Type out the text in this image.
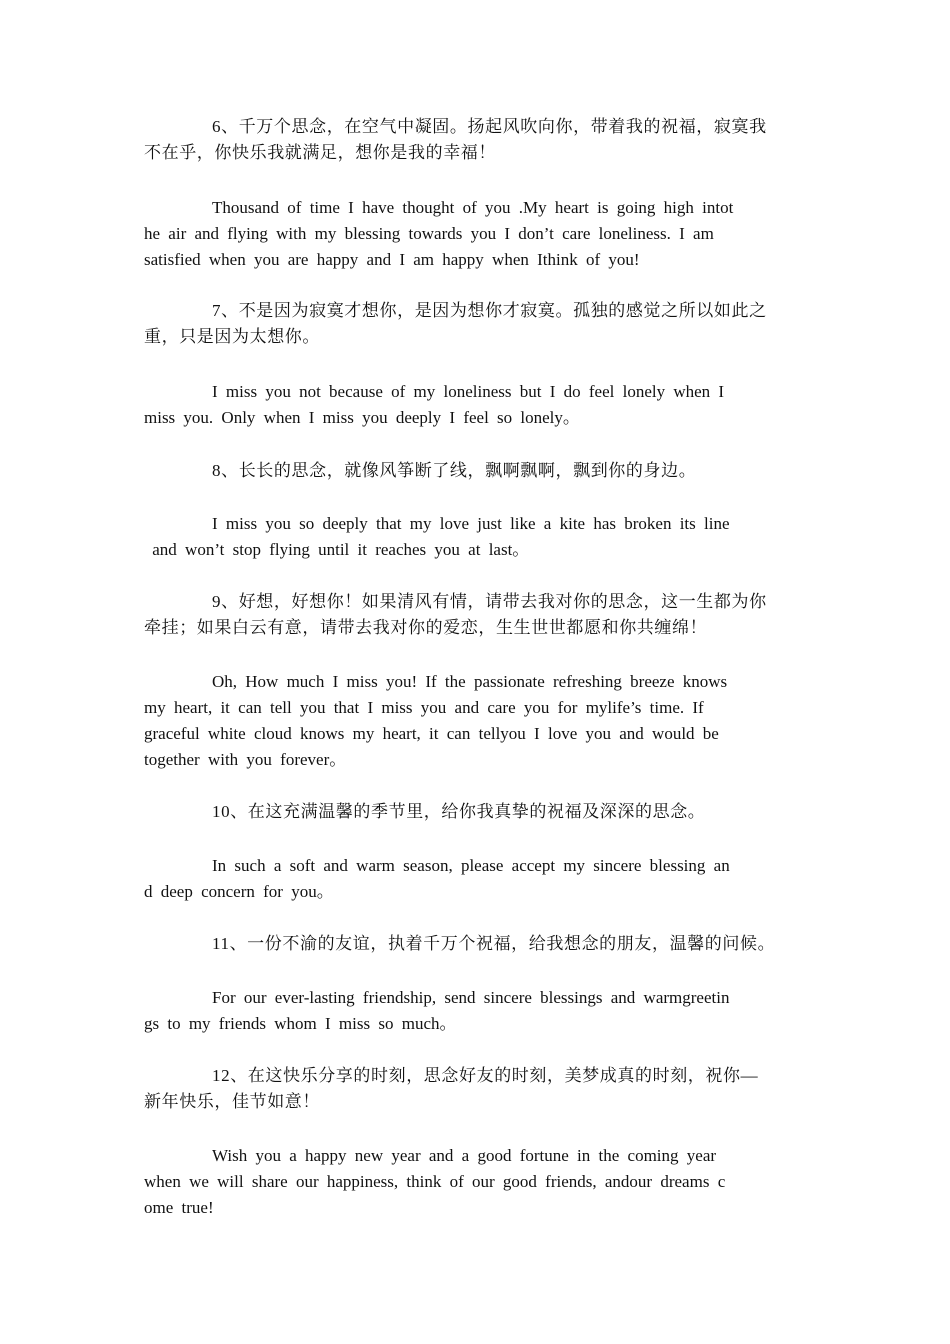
6、千万个思念，在空气中凝固。扬起风吹向你，带着我的祝福，寂寞我
不在乎，你快乐我就满足，想你是我的幸福！
Thousand of time I have thought of you .My heart is going high intot
he air and flying with my blessing towards you I don’t care loneliness. I am
satisfied when you are happy and I am happy when Ithink of you!
7、不是因为寂寞才想你，是因为想你才寂寞。孤独的感觉之所以如此之
重，只是因为太想你。
I miss you not because of my loneliness but I do feel lonely when I
miss you. Only when I miss you deeply I feel so lonely。
8、长长的思念，就像风筝断了线，飘啊飘啊，飘到你的身边。
I miss you so deeply that my love just like a kite has broken its line
and won’t stop flying until it reaches you at last。
9、好想，好想你！如果清风有情，请带去我对你的思念，这一生都为你
牵挂；如果白云有意，请带去我对你的爱恋，生生世世都愿和你共缠绵！
Oh, How much I miss you! If the passionate refreshing breeze knows
my heart, it can tell you that I miss you and care you for mylife’s time. If
graceful white cloud knows my heart, it can tellyou I love you and would be
together with you forever。
10、在这充满温馨的季节里，给你我真挚的祝福及深深的思念。
In such a soft and warm season, please accept my sincere blessing an
d deep concern for you。
11、一份不渝的友谊，执着千万个祝福，给我想念的朋友，温馨的问候。
For our ever-lasting friendship, send sincere blessings and warmgreetin
gs to my friends whom I miss so much。
12、在这快乐分享的时刻，思念好友的时刻，美梦成真的时刻，祝你—
新年快乐，佳节如意！
Wish you a happy new year and a good fortune in the coming year
when we will share our happiness, think of our good friends, andour dreams c
ome true!
